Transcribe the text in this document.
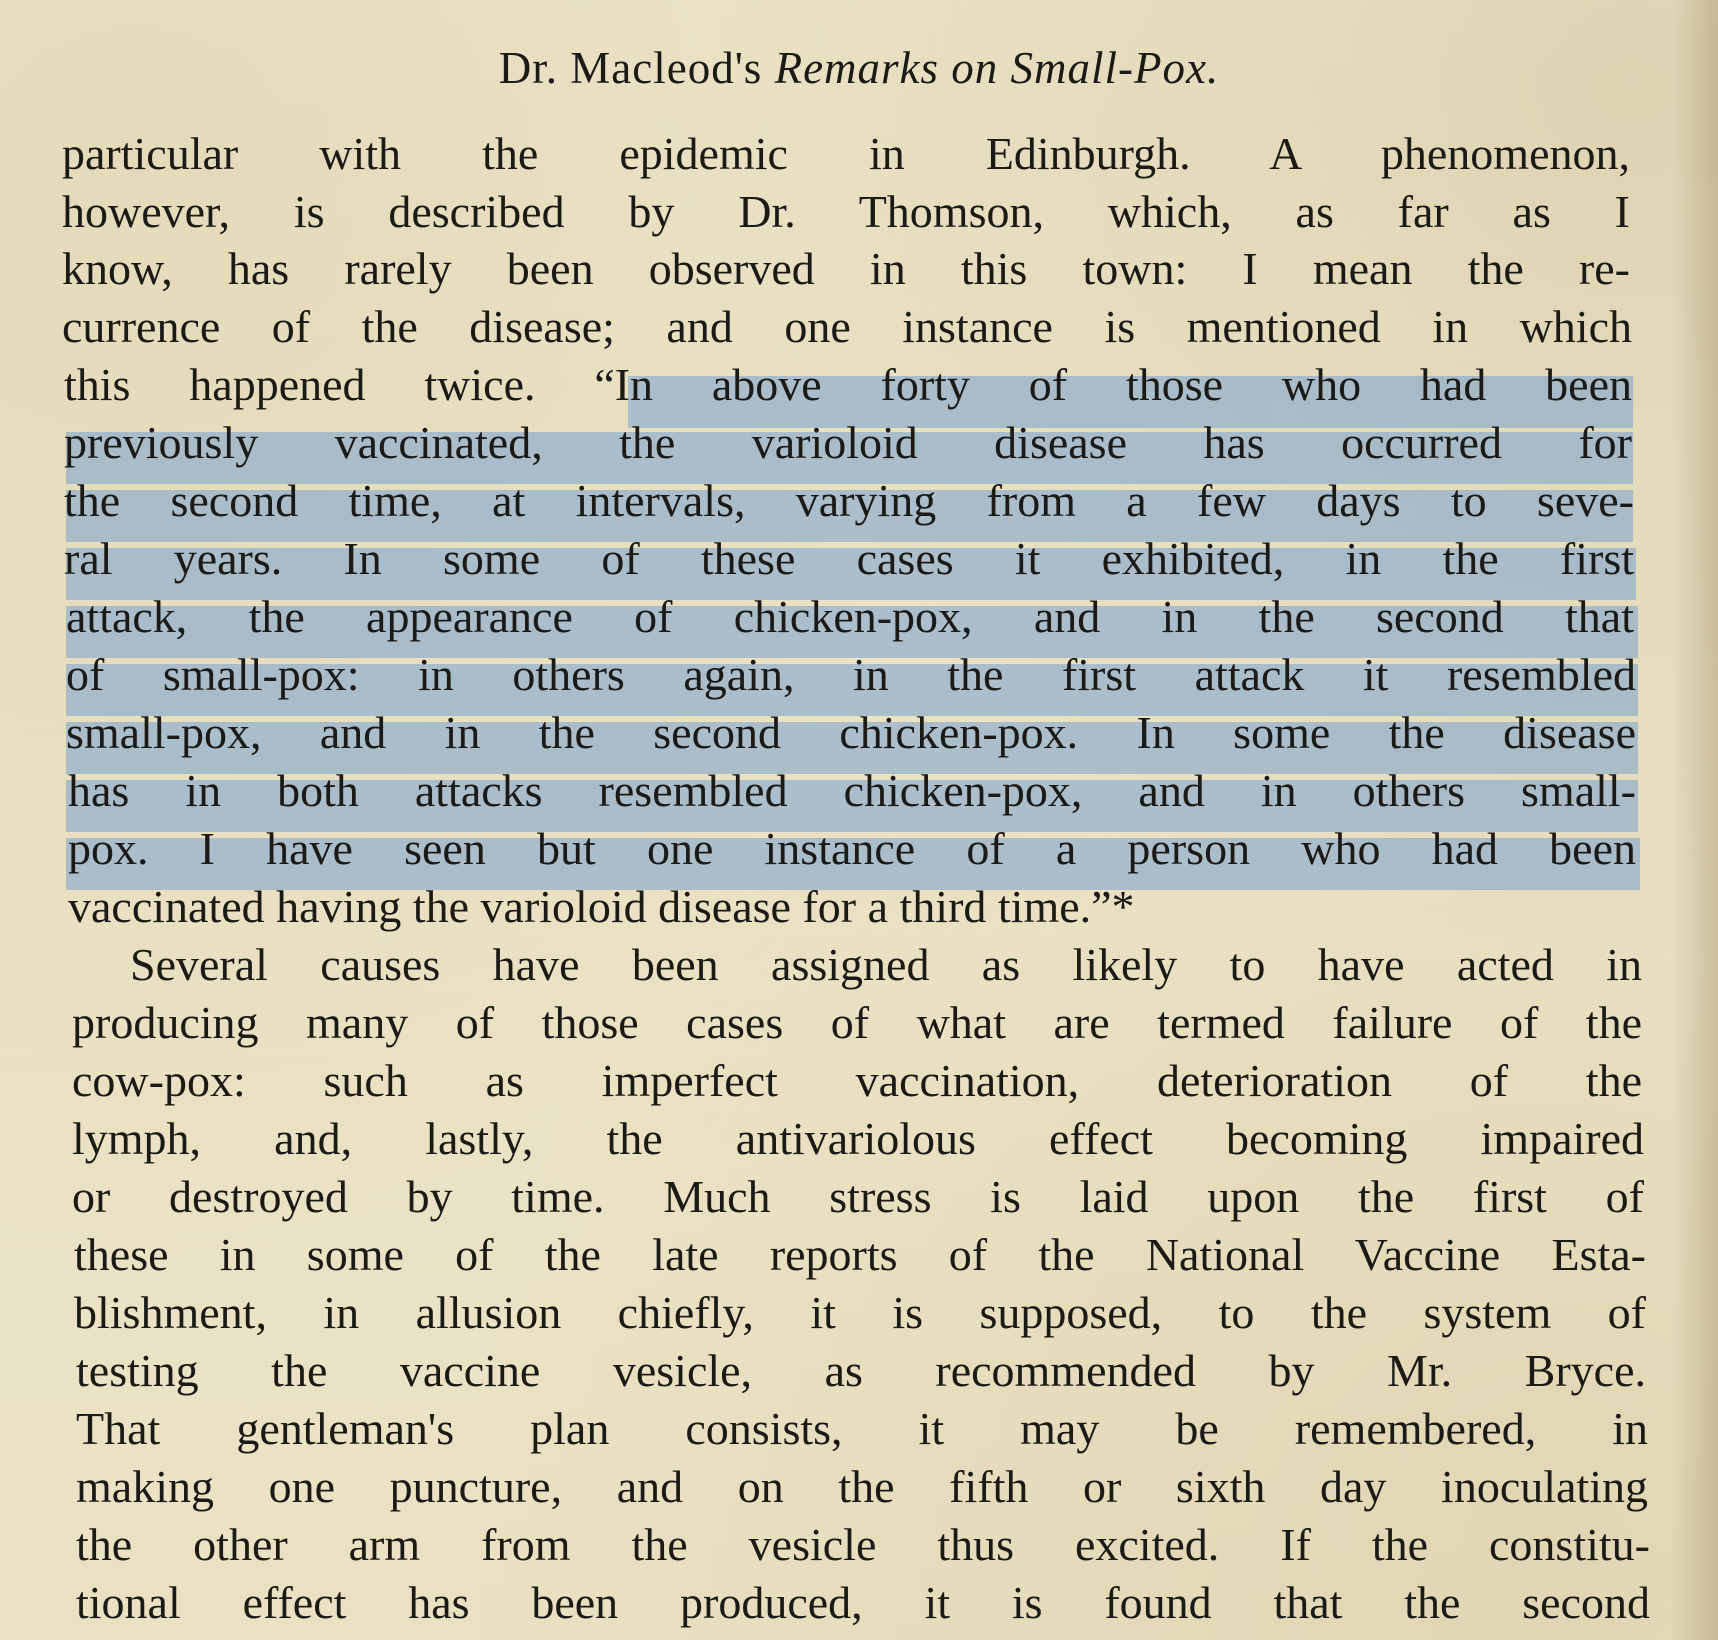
Dr. Macleod's Remarks on Small-Pox.
particular with the epidemic in Edinburgh. A phenomenon,
however, is described by Dr. Thomson, which, as far as I
know, has rarely been observed in this town: I mean the re-
currence of the disease; and one instance is mentioned in which
this happened twice. “In above forty of those who had been
previously vaccinated, the varioloid disease has occurred for
the second time, at intervals, varying from a few days to seve-
ral years. In some of these cases it exhibited, in the first
attack, the appearance of chicken-pox, and in the second that
of small-pox: in others again, in the first attack it resembled
small-pox, and in the second chicken-pox. In some the disease
has in both attacks resembled chicken-pox, and in others small-
pox. I have seen but one instance of a person who had been
vaccinated having the varioloid disease for a third time.”*
Several causes have been assigned as likely to have acted in
producing many of those cases of what are termed failure of the
cow-pox: such as imperfect vaccination, deterioration of the
lymph, and, lastly, the antivariolous effect becoming impaired
or destroyed by time. Much stress is laid upon the first of
these in some of the late reports of the National Vaccine Esta-
blishment, in allusion chiefly, it is supposed, to the system of
testing the vaccine vesicle, as recommended by Mr. Bryce.
That gentleman's plan consists, it may be remembered, in
making one puncture, and on the fifth or sixth day inoculating
the other arm from the vesicle thus excited. If the constitu-
tional effect has been produced, it is found that the second
